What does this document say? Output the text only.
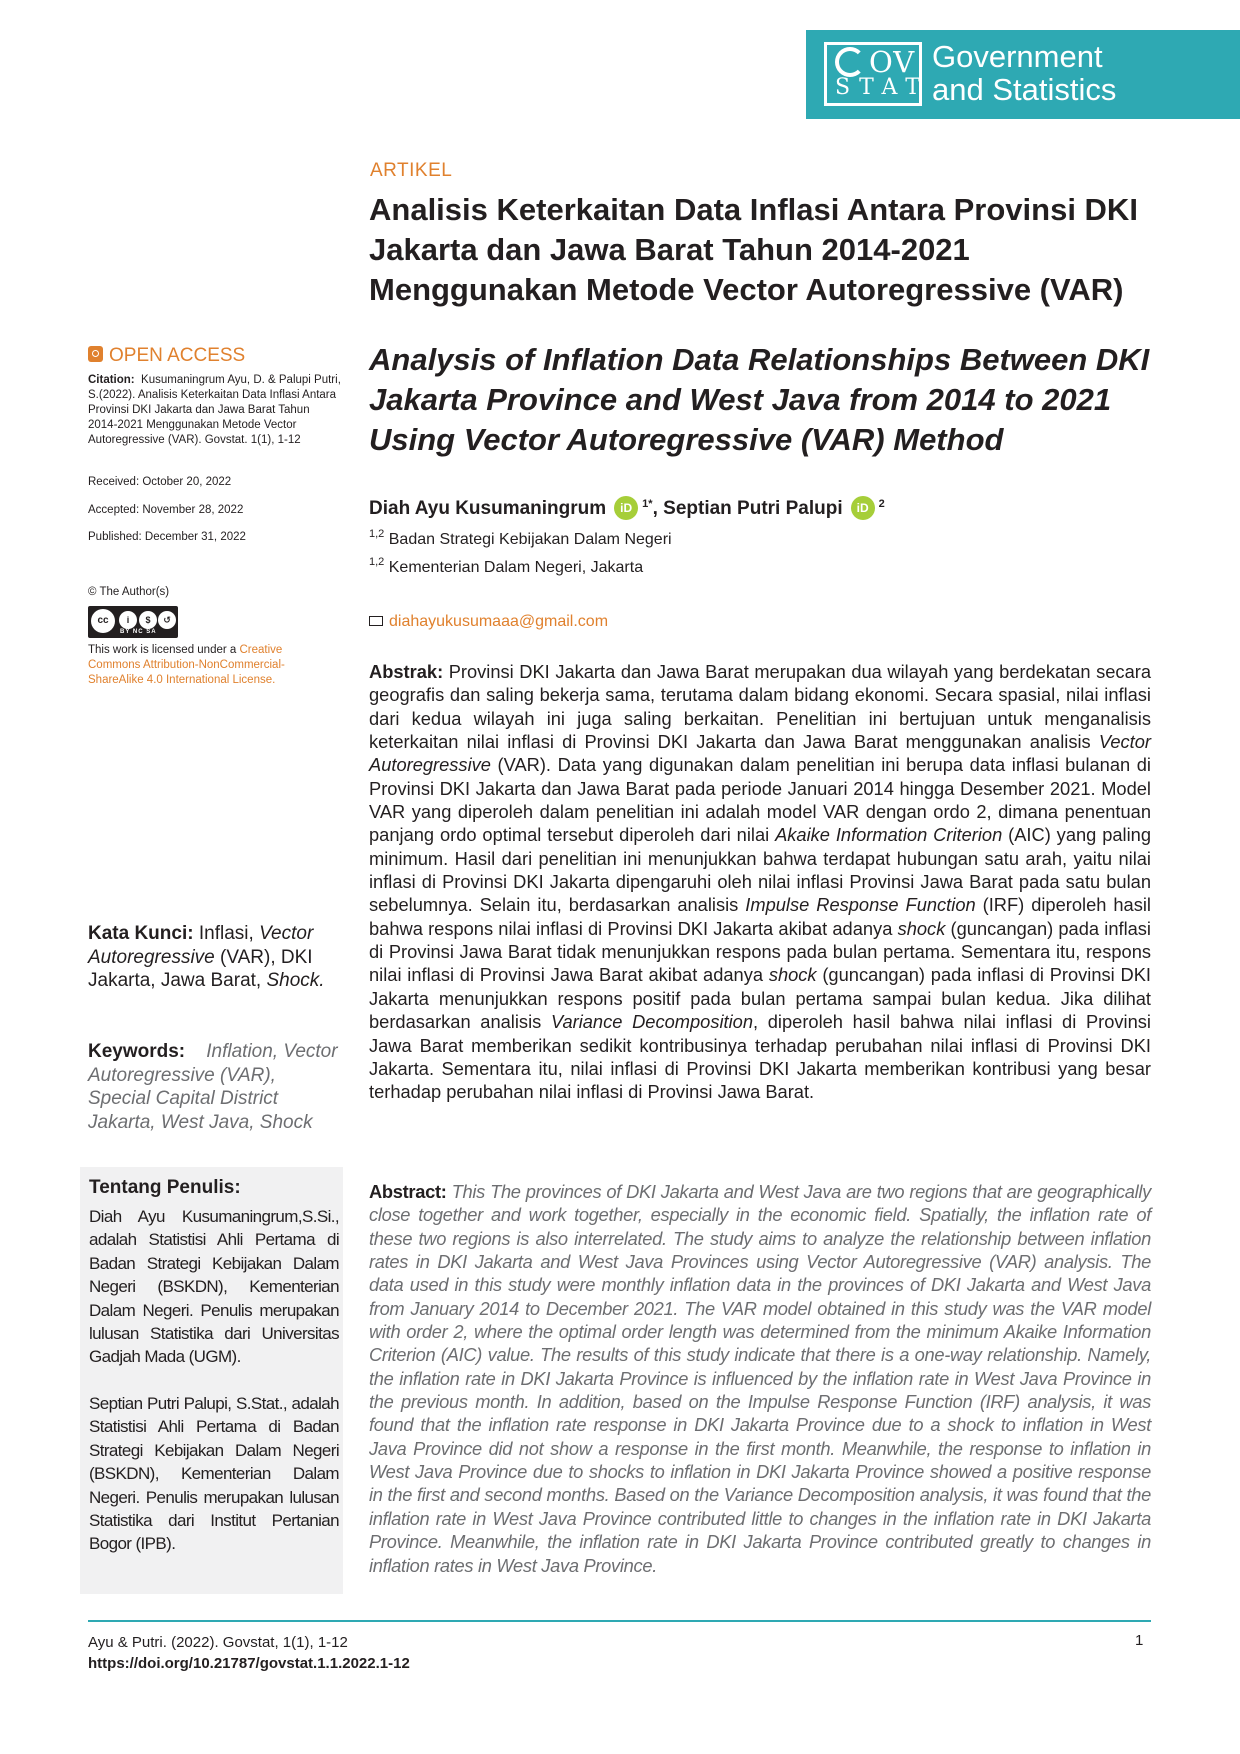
OV
STAT
Government
and Statistics
ARTIKEL
Analisis Keterkaitan Data Inflasi Antara Provinsi DKI Jakarta dan Jawa Barat Tahun 2014-2021 Menggunakan Metode Vector Autoregressive (VAR)
Analysis of Inflation Data Relationships Between DKI Jakarta Province and West Java from 2014 to 2021 Using Vector Autoregressive (VAR) Method
OPEN ACCESS
Citation: Kusumaningrum Ayu, D. & Palupi Putri, S.(2022). Analisis Keterkaitan Data Inflasi Antara Provinsi DKI Jakarta dan Jawa Barat Tahun 2014-2021 Menggunakan Metode Vector Autoregressive (VAR). Govstat. 1(1), 1-12
Received: October 20, 2022
Accepted: November 28, 2022
Published: December 31, 2022
© The Author(s)
cc	i	$	↺
BY NC SA
This work is licensed under a Creative Commons Attribution-NonCommercial-ShareAlike 4.0 International License.
Kata Kunci: Inflasi, Vector Autoregressive (VAR), DKI Jakarta, Jawa Barat, Shock.
Keywords: Inflation, Vector Autoregressive (VAR), Special Capital District Jakarta, West Java, Shock
Tentang Penulis:
Diah Ayu Kusumaningrum,S.Si., adalah Statistisi Ahli Pertama di Badan Strategi Kebijakan Dalam Negeri (BSKDN), Kementerian Dalam Negeri. Penulis merupakan lulusan Statistika dari Universitas Gadjah Mada (UGM).
Septian Putri Palupi, S.Stat., adalah Statistisi Ahli Pertama di Badan Strategi Kebijakan Dalam Negeri (BSKDN), Kementerian Dalam Negeri. Penulis merupakan lulusan Statistika dari Institut Pertanian Bogor (IPB).
Diah Ayu Kusumaningrum iD $^{1*}$, Septian Putri Palupi iD $^2$
$^{1,2}$ Badan Strategi Kebijakan Dalam Negeri
$^{1,2}$ Kementerian Dalam Negeri, Jakarta
diahayukusumaaa@gmail.com
Abstrak: Provinsi DKI Jakarta dan Jawa Barat merupakan dua wilayah yang berdekatan secara geografis dan saling bekerja sama, terutama dalam bidang ekonomi. Secara spasial, nilai inflasi dari kedua wilayah ini juga saling berkaitan. Penelitian ini bertujuan untuk menganalisis keterkaitan nilai inflasi di Provinsi DKI Jakarta dan Jawa Barat menggunakan analisis Vector Autoregressive (VAR). Data yang digunakan dalam penelitian ini berupa data inflasi bulanan di Provinsi DKI Jakarta dan Jawa Barat pada periode Januari 2014 hingga Desember 2021. Model VAR yang diperoleh dalam penelitian ini adalah model VAR dengan ordo 2, dimana penentuan panjang ordo optimal tersebut diperoleh dari nilai Akaike Information Criterion (AIC) yang paling minimum. Hasil dari penelitian ini menunjukkan bahwa terdapat hubungan satu arah, yaitu nilai inflasi di Provinsi DKI Jakarta dipengaruhi oleh nilai inflasi Provinsi Jawa Barat pada satu bulan sebelumnya. Selain itu, berdasarkan analisis Impulse Response Function (IRF) diperoleh hasil bahwa respons nilai inflasi di Provinsi DKI Jakarta akibat adanya shock (guncangan) pada inflasi di Provinsi Jawa Barat tidak menunjukkan respons pada bulan pertama. Sementara itu, respons nilai inflasi di Provinsi Jawa Barat akibat adanya shock (guncangan) pada inflasi di Provinsi DKI Jakarta menunjukkan respons positif pada bulan pertama sampai bulan kedua. Jika dilihat berdasarkan analisis Variance Decomposition, diperoleh hasil bahwa nilai inflasi di Provinsi Jawa Barat memberikan sedikit kontribusinya terhadap perubahan nilai inflasi di Provinsi DKI Jakarta. Sementara itu, nilai inflasi di Provinsi DKI Jakarta memberikan kontribusi yang besar terhadap perubahan nilai inflasi di Provinsi Jawa Barat.
Abstract: This The provinces of DKI Jakarta and West Java are two regions that are geographically close together and work together, especially in the economic field. Spatially, the inflation rate of these two regions is also interrelated. The study aims to analyze the relationship between inflation rates in DKI Jakarta and West Java Provinces using Vector Autoregressive (VAR) analysis. The data used in this study were monthly inflation data in the provinces of DKI Jakarta and West Java from January 2014 to December 2021. The VAR model obtained in this study was the VAR model with order 2, where the optimal order length was determined from the minimum Akaike Information Criterion (AIC) value. The results of this study indicate that there is a one-way relationship. Namely, the inflation rate in DKI Jakarta Province is influenced by the inflation rate in West Java Province in the previous month. In addition, based on the Impulse Response Function (IRF) analysis, it was found that the inflation rate response in DKI Jakarta Province due to a shock to inflation in West Java Province did not show a response in the first month. Meanwhile, the response to inflation in West Java Province due to shocks to inflation in DKI Jakarta Province showed a positive response in the first and second months. Based on the Variance Decomposition analysis, it was found that the inflation rate in West Java Province contributed little to changes in the inflation rate in DKI Jakarta Province. Meanwhile, the inflation rate in DKI Jakarta Province contributed greatly to changes in inflation rates in West Java Province.
Ayu & Putri. (2022). Govstat, 1(1), 1-12
https://doi.org/10.21787/govstat.1.1.2022.1-12
1
